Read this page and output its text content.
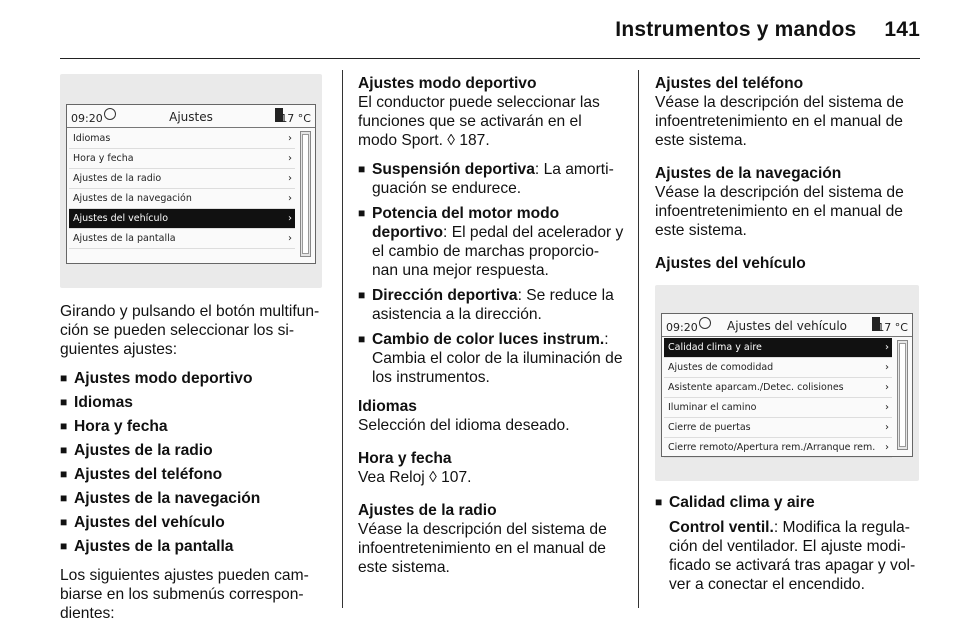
Instrumentos y mandos 141
09:20	Ajustes	17 °C
Idiomas	›
Hora y fecha	›
Ajustes de la radio	›
Ajustes de la navegación	›
Ajustes del vehículo	›
Ajustes de la pantalla	›

Girando y pulsando el botón multifun-ción se pueden seleccionar los si-guientes ajustes:

■ Ajustes modo deportivo
■ Idiomas
■ Hora y fecha
■ Ajustes de la radio
■ Ajustes del teléfono
■ Ajustes de la navegación
■ Ajustes del vehículo
■ Ajustes de la pantalla

Los siguientes ajustes pueden cam-biarse en los submenús correspon-dientes:

Ajustes modo deportivo
El conductor puede seleccionar las funciones que se activarán en el modo Sport. ◊ 187.
■ Suspensión deportiva: La amorti-guación se endurece.
■ Potencia del motor modo deportivo: El pedal del acelerador y el cambio de marchas proporcio-nan una mejor respuesta.
■ Dirección deportiva: Se reduce la asistencia a la dirección.
■ Cambio de color luces instrum.: Cambia el color de la iluminación de los instrumentos.
Idiomas
Selección del idioma deseado.
Hora y fecha
Vea Reloj ◊ 107.
Ajustes de la radio
Véase la descripción del sistema de infoentretenimiento en el manual de este sistema.
Ajustes del teléfono
Véase la descripción del sistema de infoentretenimiento en el manual de este sistema.
Ajustes de la navegación
Véase la descripción del sistema de infoentretenimiento en el manual de este sistema.
Ajustes del vehículo
09:20	Ajustes del vehículo	17 °C
Calidad clima y aire	›
Ajustes de comodidad	›
Asistente aparcam./Detec. colisiones	›
Iluminar el camino	›
Cierre de puertas	›
Cierre remoto/Apertura rem./Arranque rem. ›
■ Calidad clima y aire
Control ventil.: Modifica la regula-ción del ventilador. El ajuste modi-ficado se activará tras apagar y vol-ver a conectar el encendido.
